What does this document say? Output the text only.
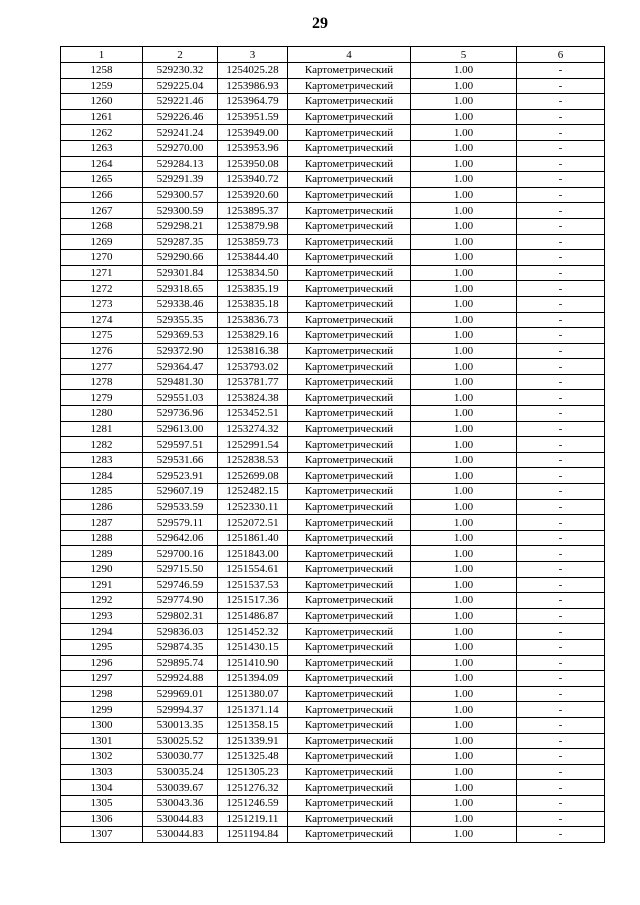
29
1	2	3	4	5	6
1258	529230.32	1254025.28	Картометрический	1.00	-
1259	529225.04	1253986.93	Картометрический	1.00	-
1260	529221.46	1253964.79	Картометрический	1.00	-
1261	529226.46	1253951.59	Картометрический	1.00	-
1262	529241.24	1253949.00	Картометрический	1.00	-
1263	529270.00	1253953.96	Картометрический	1.00	-
1264	529284.13	1253950.08	Картометрический	1.00	-
1265	529291.39	1253940.72	Картометрический	1.00	-
1266	529300.57	1253920.60	Картометрический	1.00	-
1267	529300.59	1253895.37	Картометрический	1.00	-
1268	529298.21	1253879.98	Картометрический	1.00	-
1269	529287.35	1253859.73	Картометрический	1.00	-
1270	529290.66	1253844.40	Картометрический	1.00	-
1271	529301.84	1253834.50	Картометрический	1.00	-
1272	529318.65	1253835.19	Картометрический	1.00	-
1273	529338.46	1253835.18	Картометрический	1.00	-
1274	529355.35	1253836.73	Картометрический	1.00	-
1275	529369.53	1253829.16	Картометрический	1.00	-
1276	529372.90	1253816.38	Картометрический	1.00	-
1277	529364.47	1253793.02	Картометрический	1.00	-
1278	529481.30	1253781.77	Картометрический	1.00	-
1279	529551.03	1253824.38	Картометрический	1.00	-
1280	529736.96	1253452.51	Картометрический	1.00	-
1281	529613.00	1253274.32	Картометрический	1.00	-
1282	529597.51	1252991.54	Картометрический	1.00	-
1283	529531.66	1252838.53	Картометрический	1.00	-
1284	529523.91	1252699.08	Картометрический	1.00	-
1285	529607.19	1252482.15	Картометрический	1.00	-
1286	529533.59	1252330.11	Картометрический	1.00	-
1287	529579.11	1252072.51	Картометрический	1.00	-
1288	529642.06	1251861.40	Картометрический	1.00	-
1289	529700.16	1251843.00	Картометрический	1.00	-
1290	529715.50	1251554.61	Картометрический	1.00	-
1291	529746.59	1251537.53	Картометрический	1.00	-
1292	529774.90	1251517.36	Картометрический	1.00	-
1293	529802.31	1251486.87	Картометрический	1.00	-
1294	529836.03	1251452.32	Картометрический	1.00	-
1295	529874.35	1251430.15	Картометрический	1.00	-
1296	529895.74	1251410.90	Картометрический	1.00	-
1297	529924.88	1251394.09	Картометрический	1.00	-
1298	529969.01	1251380.07	Картометрический	1.00	-
1299	529994.37	1251371.14	Картометрический	1.00	-
1300	530013.35	1251358.15	Картометрический	1.00	-
1301	530025.52	1251339.91	Картометрический	1.00	-
1302	530030.77	1251325.48	Картометрический	1.00	-
1303	530035.24	1251305.23	Картометрический	1.00	-
1304	530039.67	1251276.32	Картометрический	1.00	-
1305	530043.36	1251246.59	Картометрический	1.00	-
1306	530044.83	1251219.11	Картометрический	1.00	-
1307	530044.83	1251194.84	Картометрический	1.00	-
